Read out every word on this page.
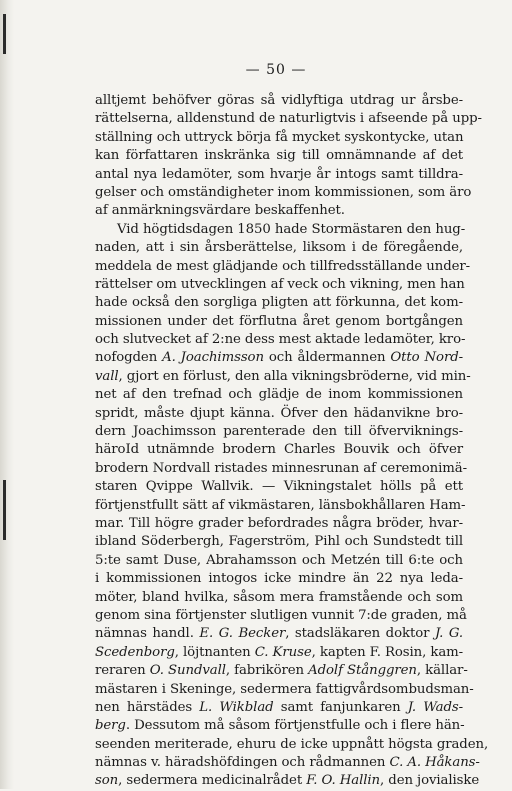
— 50 —
alltjemt behöfver göras så vidlyftiga utdrag ur årsbe-
rättelserna, alldenstund de naturligtvis i afseende på upp-
ställning och uttryck börja få mycket syskontycke, utan
kan författaren inskränka sig till omnämnande af det
antal nya ledamöter, som hvarje år intogs samt tilldra-
gelser och omständigheter inom kommissionen, som äro
af anmärkningsvärdare beskaffenhet.
Vid högtidsdagen 1850 hade Stormästaren den hug-
naden, att i sin årsberättelse, liksom i de föregående,
meddela de mest glädjande och tillfredsställande under-
rättelser om utvecklingen af veck och vikning, men han
hade också den sorgliga pligten att förkunna, det kom-
missionen under det förflutna året genom bortgången
och slutvecket af 2:ne dess mest aktade ledamöter, kro-
nofogden A. Joachimsson och åldermannen Otto Nord-
vall, gjort en förlust, den alla vikningsbröderne, vid min-
net af den trefnad och glädje de inom kommissionen
spridt, måste djupt känna. Öfver den hädanvikne bro-
dern Joachimsson parenterade den till öfverviknings-
häroId utnämnde brodern Charles Bouvik och öfver
brodern Nordvall ristades minnesrunan af ceremonimä-
staren Qvippe Wallvik. — Vikningstalet hölls på ett
förtjenstfullt sätt af vikmästaren, länsbokhållaren Ham-
mar. Till högre grader befordrades några bröder, hvar-
ibland Söderbergh, Fagerström, Pihl och Sundstedt till
5:te samt Duse, Abrahamsson och Metzén till 6:te och
i kommissionen intogos icke mindre än 22 nya leda-
möter, bland hvilka, såsom mera framstående och som
genom sina förtjenster slutligen vunnit 7:de graden, må
nämnas handl. E. G. Becker, stadsläkaren doktor J. G.
Scedenborg, löjtnanten C. Kruse, kapten F. Rosin, kam-
reraren O. Sundvall, fabrikören Adolf Stånggren, källar-
mästaren i Skeninge, sedermera fattigvårdsombudsman-
nen härstädes L. Wikblad samt fanjunkaren J. Wads-
berg. Dessutom må såsom förtjenstfulle och i flere hän-
seenden meriterade, ehuru de icke uppnått högsta graden,
nämnas v. häradshöfdingen och rådmannen C. A. Håkans-
son, sedermera medicinalrådet F. O. Hallin, den jovialiske
